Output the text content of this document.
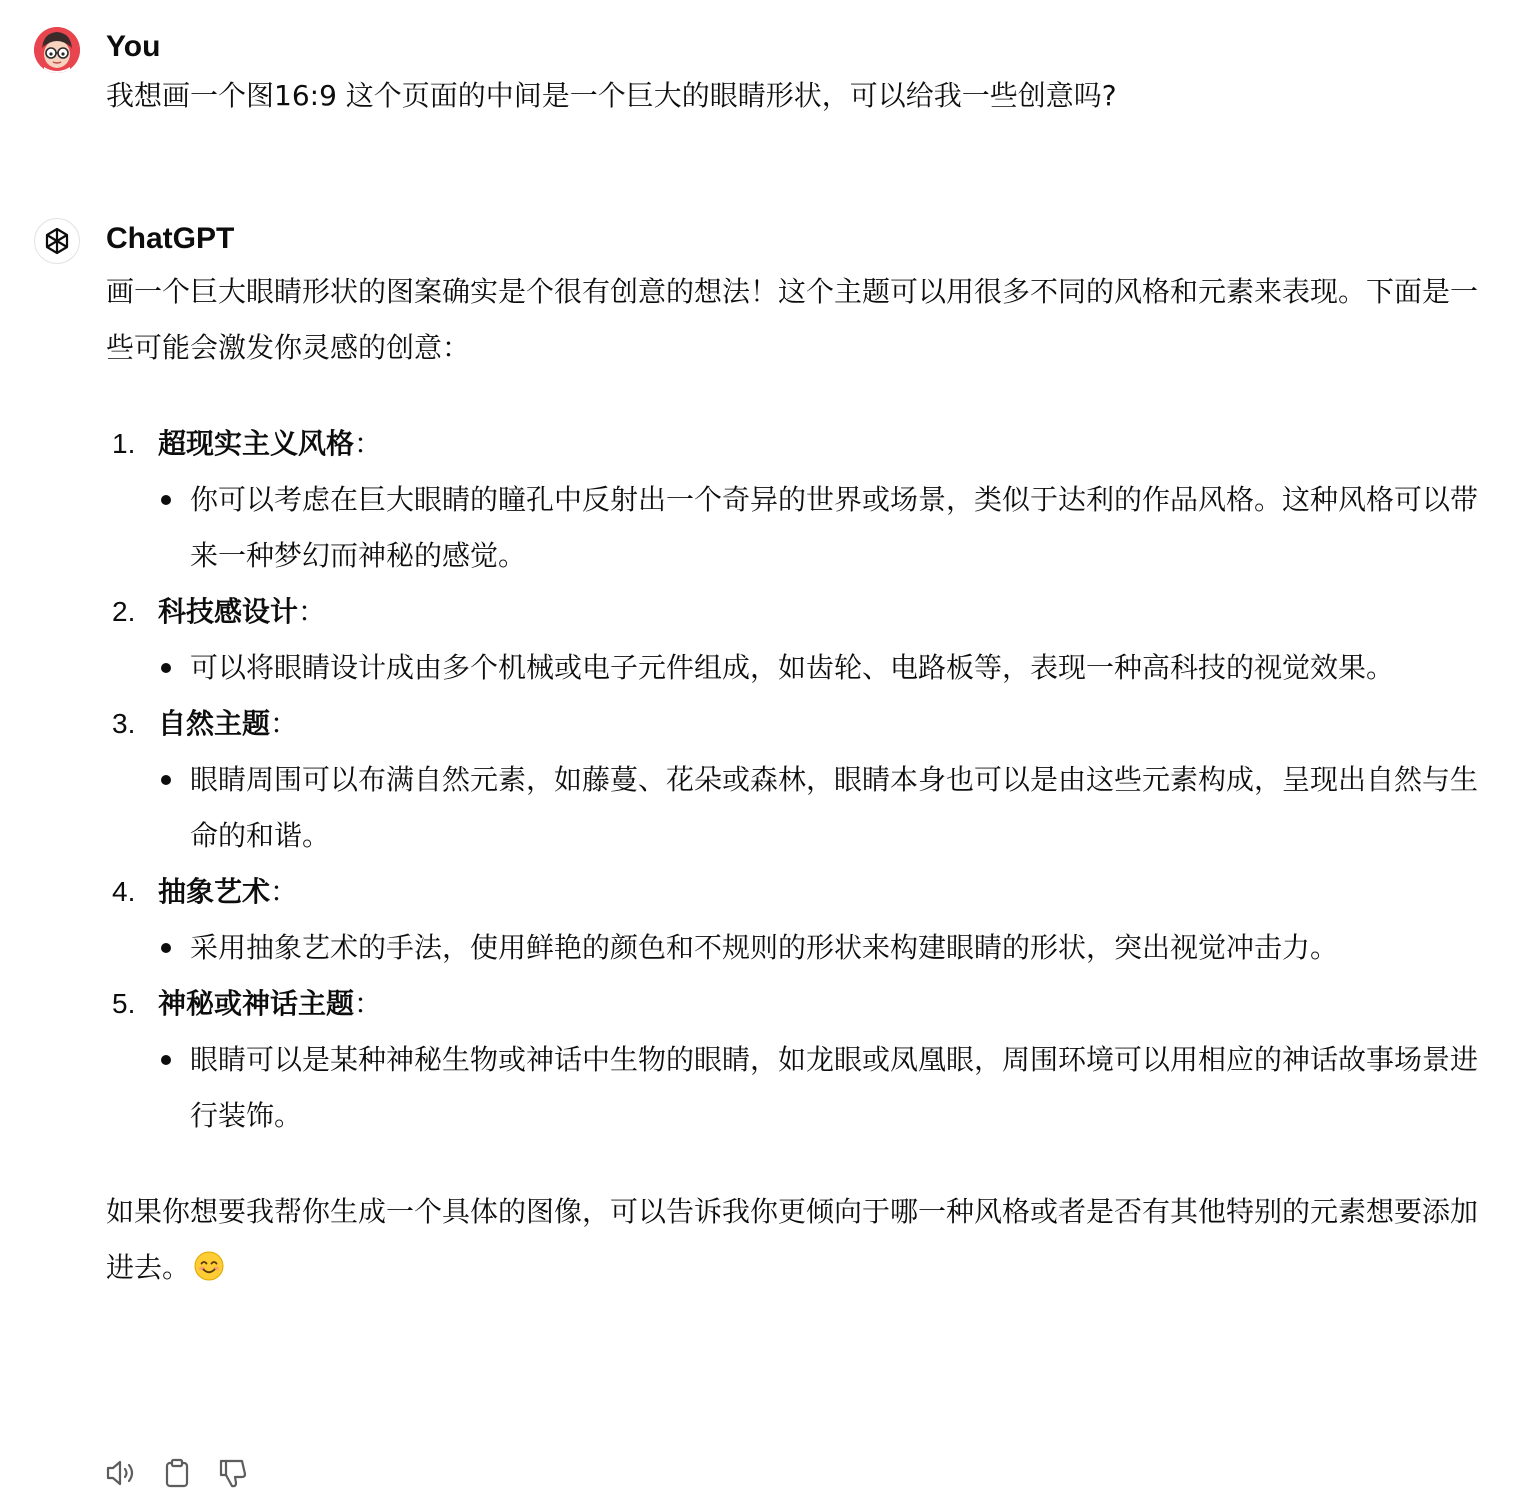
You
我想画一个图16:9 这个页面的中间是一个巨大的眼睛形状，可以给我一些创意吗?
ChatGPT

画一个巨大眼睛形状的图案确实是个很有创意的想法！这个主题可以用很多不同的风格和元素来表现。下面是一些可能会激发你灵感的创意：

1. 超现实主义风格：
你可以考虑在巨大眼睛的瞳孔中反射出一个奇异的世界或场景，类似于达利的作品风格。这种风格可以带来一种梦幻而神秘的感觉。
2. 科技感设计：
可以将眼睛设计成由多个机械或电子元件组成，如齿轮、电路板等，表现一种高科技的视觉效果。
3. 自然主题：
眼睛周围可以布满自然元素，如藤蔓、花朵或森林，眼睛本身也可以是由这些元素构成，呈现出自然与生命的和谐。
4. 抽象艺术：
采用抽象艺术的手法，使用鲜艳的颜色和不规则的形状来构建眼睛的形状，突出视觉冲击力。
5. 神秘或神话主题：
眼睛可以是某种神秘生物或神话中生物的眼睛，如龙眼或凤凰眼，周围环境可以用相应的神话故事场景进行装饰。

如果你想要我帮你生成一个具体的图像，可以告诉我你更倾向于哪一种风格或者是否有其他特别的元素想要添加进去。
